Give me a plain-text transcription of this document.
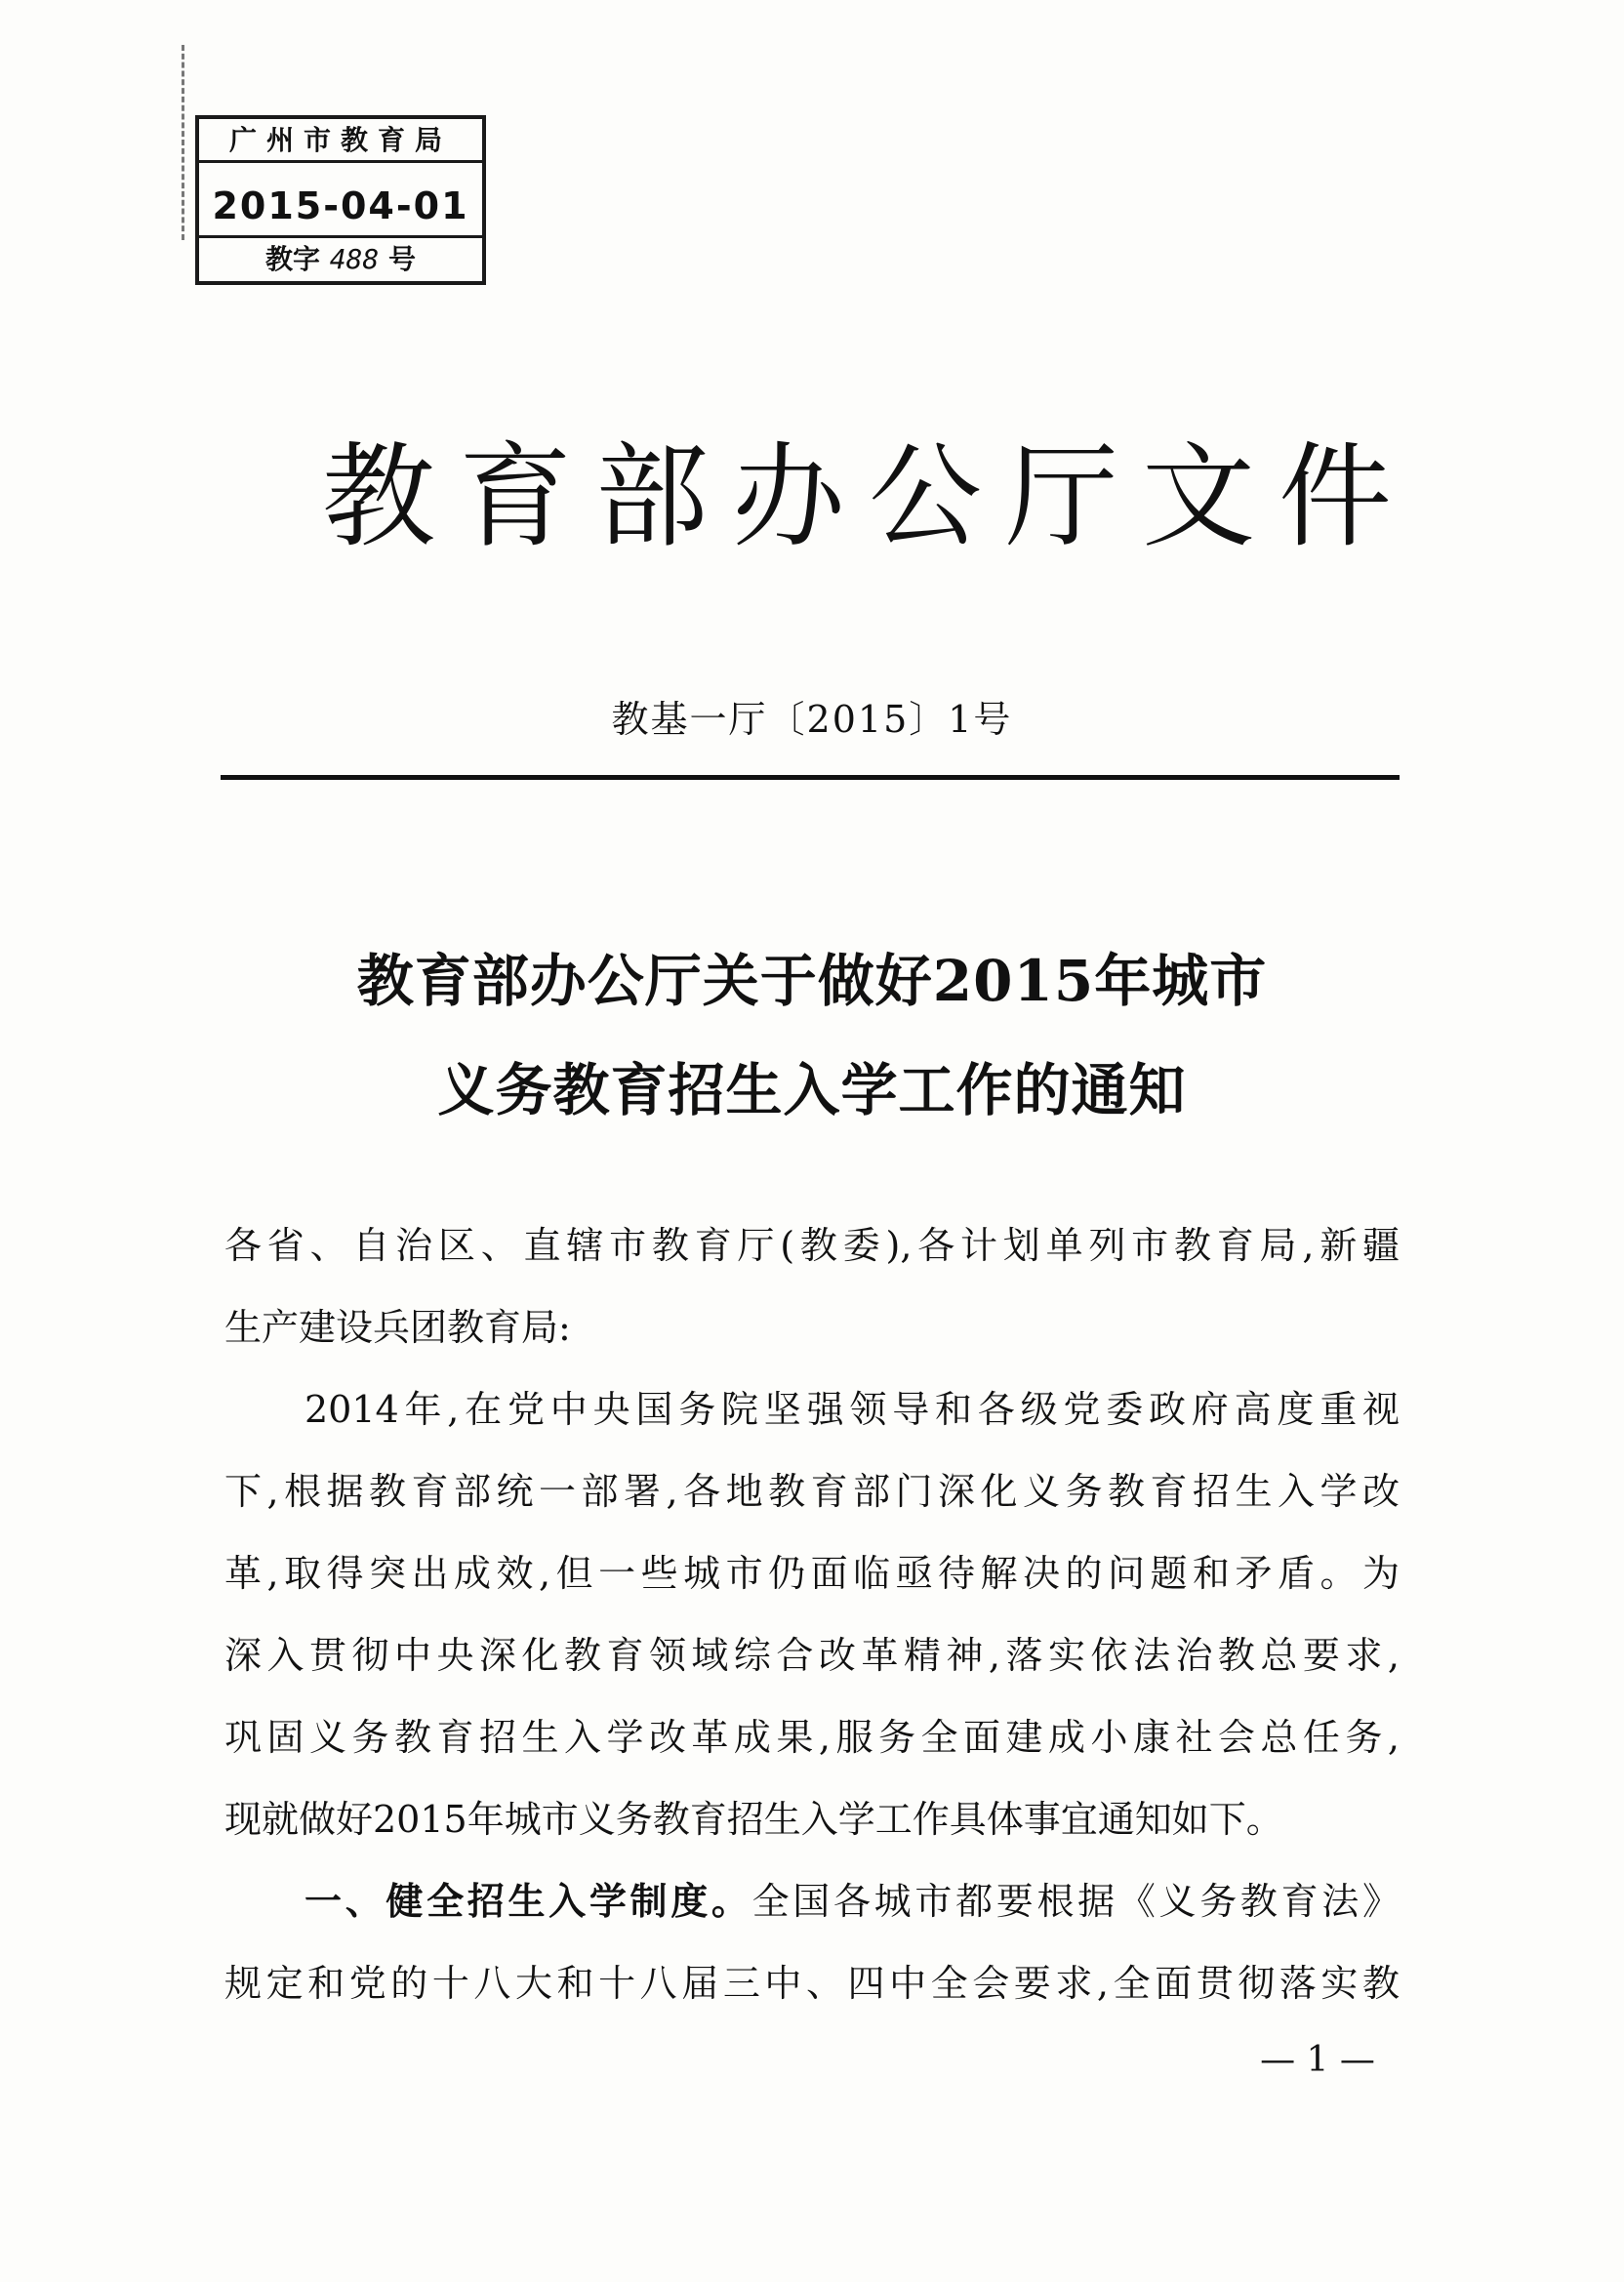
广州市教育局
2015-04-01
教字 488 号
教育部办公厅文件
教基一厅〔2015〕1号
教育部办公厅关于做好2015年城市
义务教育招生入学工作的通知
各省、自治区、直辖市教育厅(教委),各计划单列市教育局,新疆
生产建设兵团教育局:
2014年,在党中央国务院坚强领导和各级党委政府高度重视
下,根据教育部统一部署,各地教育部门深化义务教育招生入学改
革,取得突出成效,但一些城市仍面临亟待解决的问题和矛盾。为
深入贯彻中央深化教育领域综合改革精神,落实依法治教总要求,
巩固义务教育招生入学改革成果,服务全面建成小康社会总任务,
现就做好2015年城市义务教育招生入学工作具体事宜通知如下。
一、健全招生入学制度。全国各城市都要根据《义务教育法》
规定和党的十八大和十八届三中、四中全会要求,全面贯彻落实教
— 1 —
